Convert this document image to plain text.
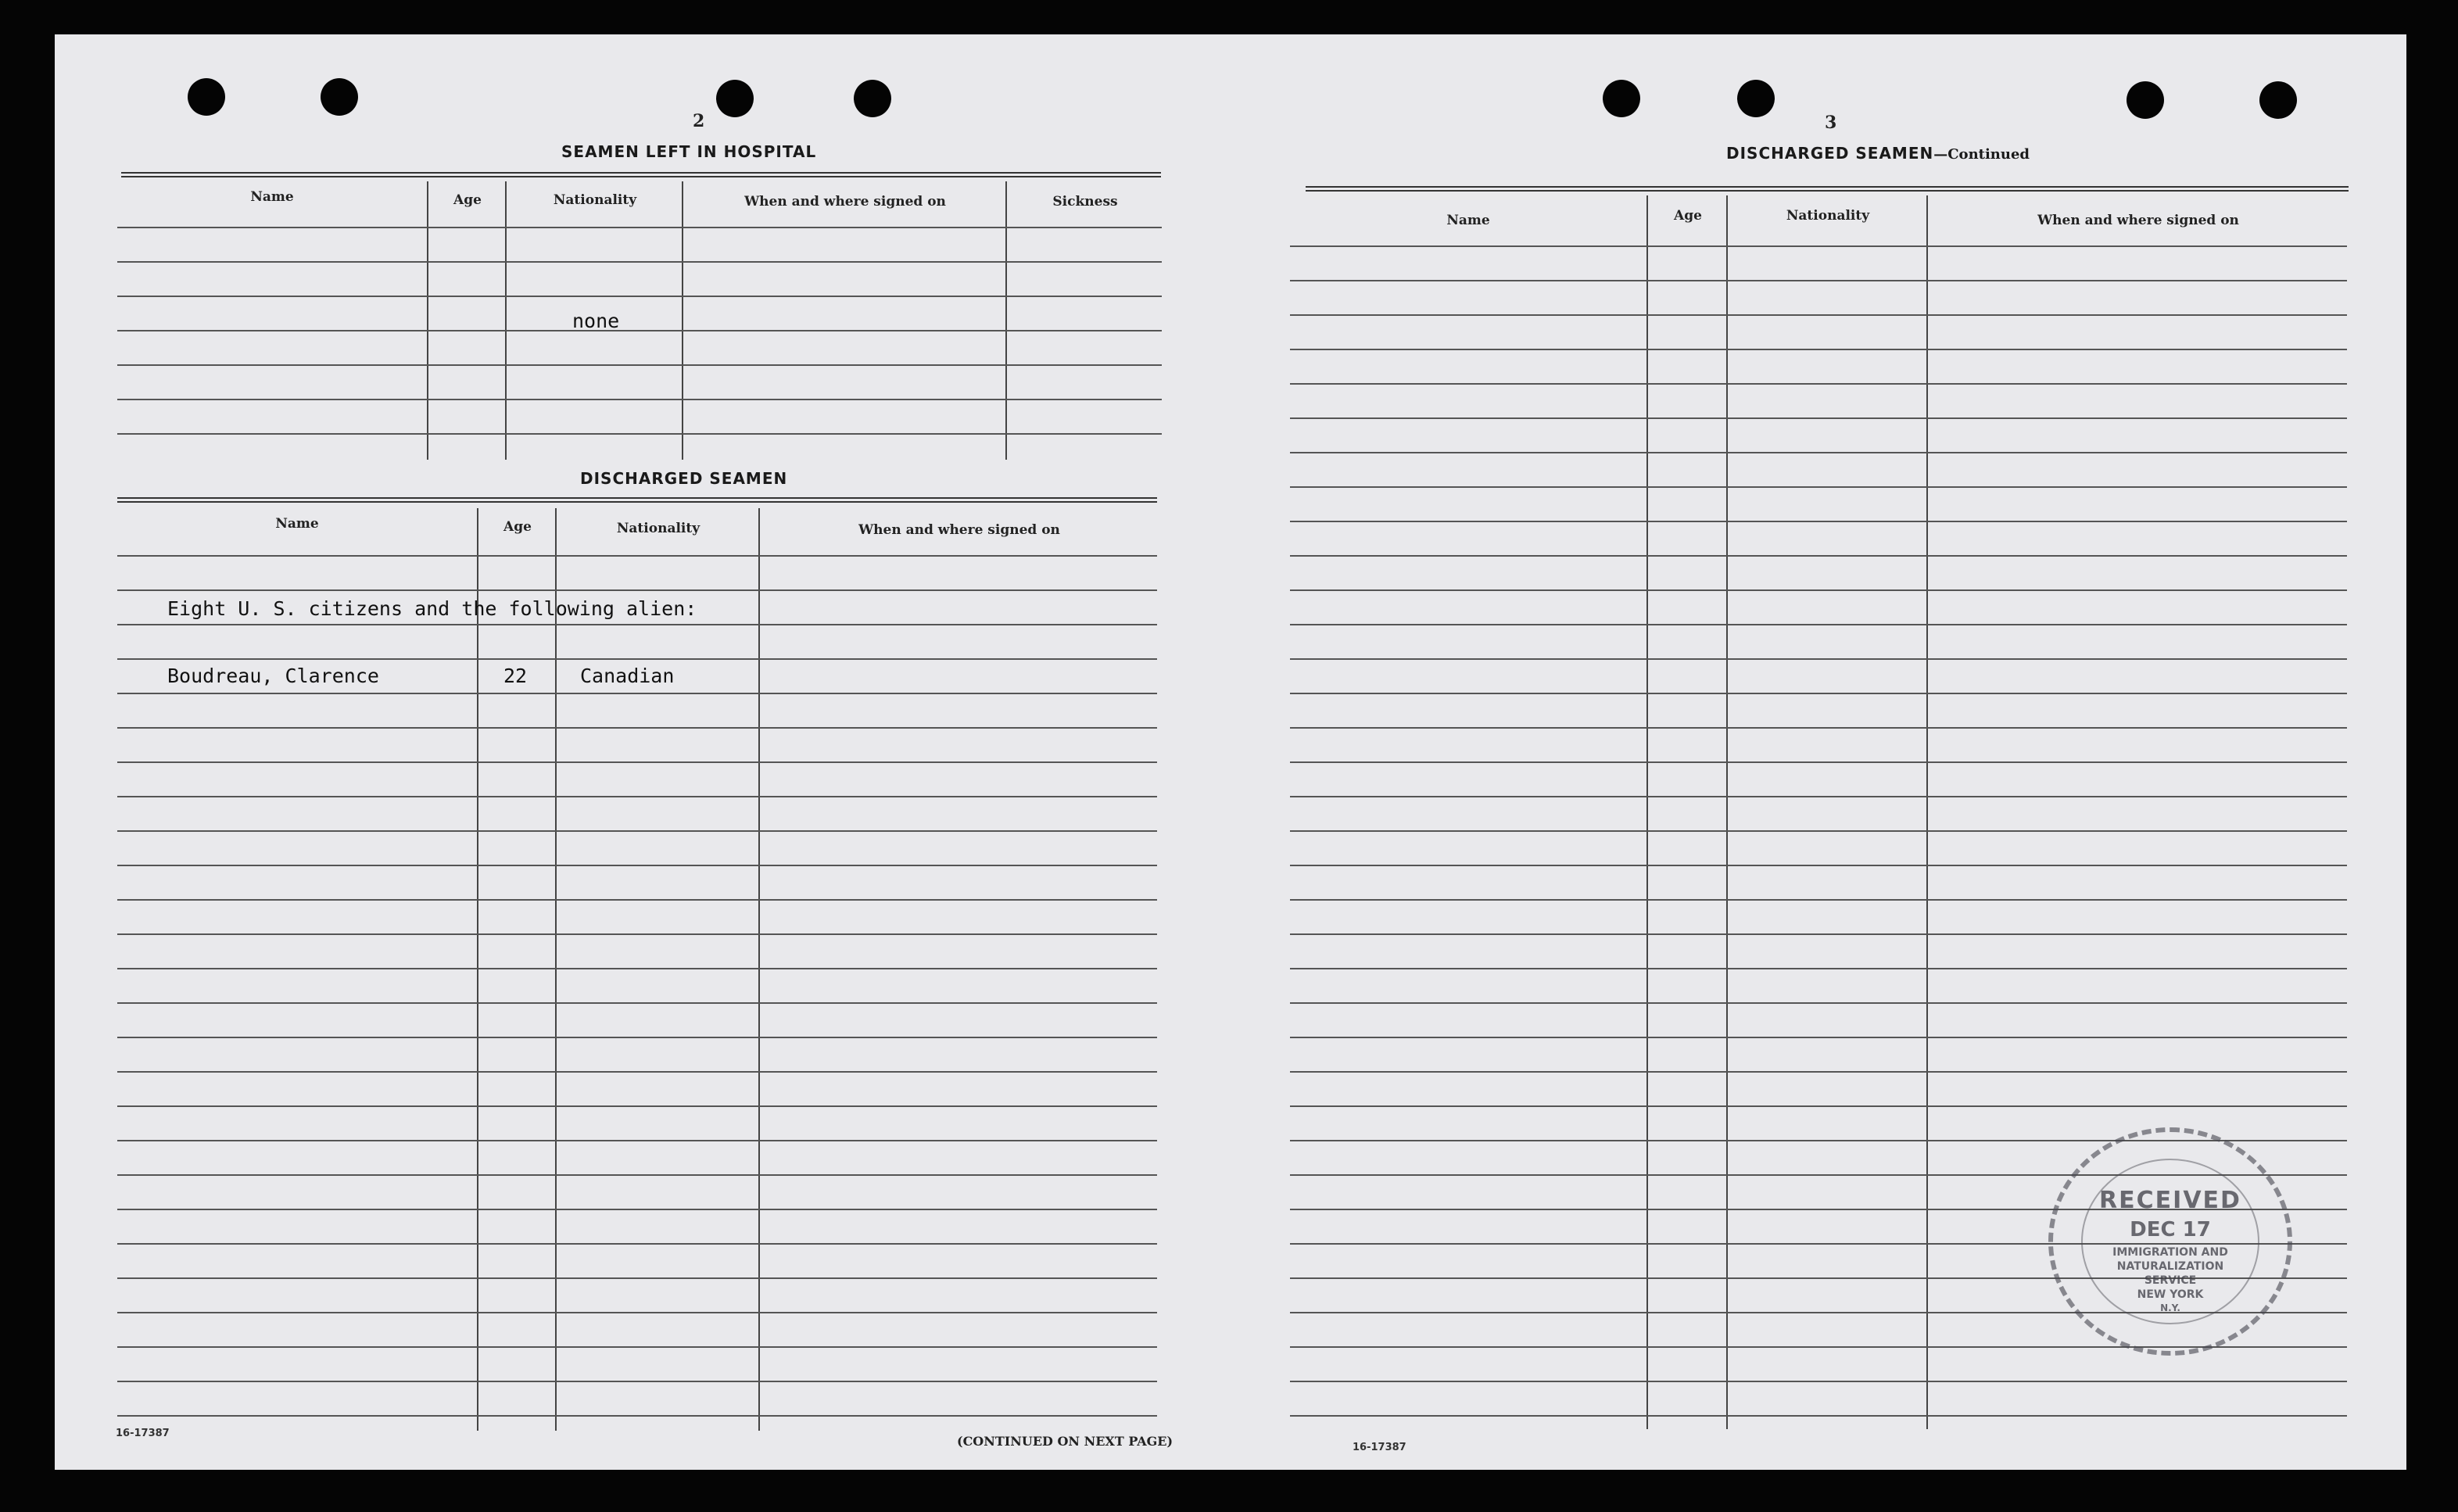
2
SEAMEN LEFT IN HOSPITAL
Name	Age	Nationality	When and where signed on	Sickness
none
DISCHARGED SEAMEN
Name	Age	Nationality	When and where signed on
Eight U. S. citizens and the following alien:
Boudreau, Clarence	22	Canadian
16-17387
(CONTINUED ON NEXT PAGE)
3
DISCHARGED SEAMEN—Continued
Name	Age	Nationality	When and where signed on
16-17387
RECEIVED
DEC 17
IMMIGRATION AND
NATURALIZATION
SERVICE
NEW YORK
N.Y.
